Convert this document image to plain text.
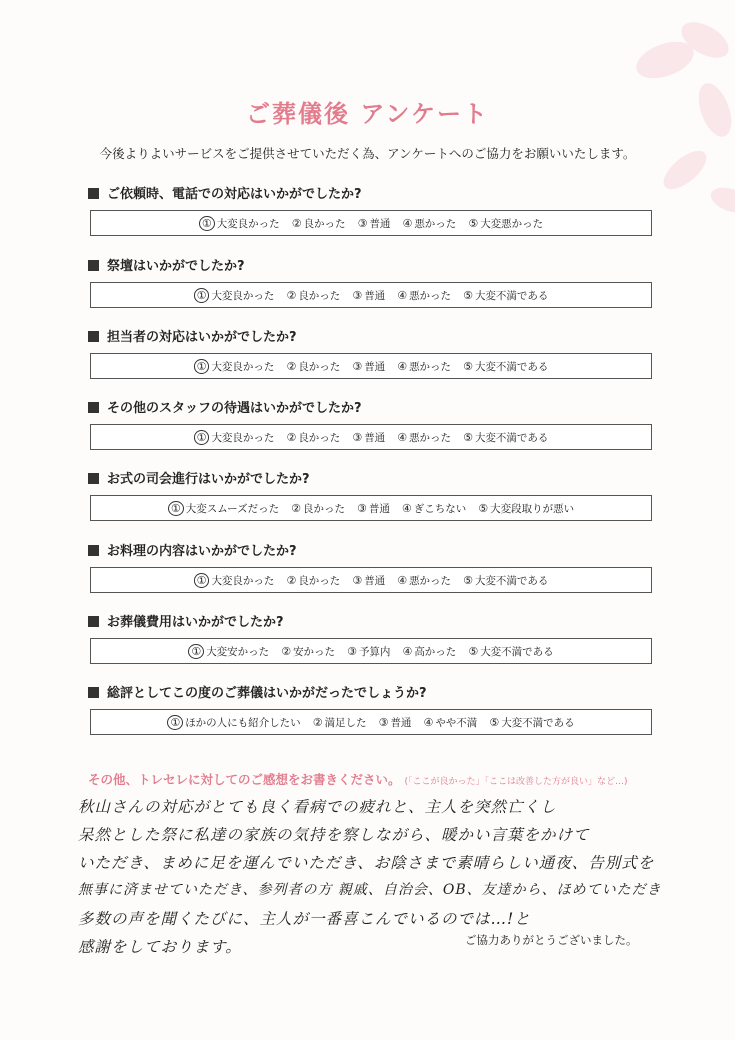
ご葬儀後 アンケート
今後よりよいサービスをご提供させていただく為、アンケートへのご協力をお願いいたします。
ご依頼時、電話での対応はいかがでしたか?
① 大変良かった ② 良かった ③ 普通 ④ 悪かった ⑤ 大変悪かった
祭壇はいかがでしたか?
① 大変良かった ② 良かった ③ 普通 ④ 悪かった ⑤ 大変不満である
担当者の対応はいかがでしたか?
① 大変良かった ② 良かった ③ 普通 ④ 悪かった ⑤ 大変不満である
その他のスタッフの待遇はいかがでしたか?
① 大変良かった ② 良かった ③ 普通 ④ 悪かった ⑤ 大変不満である
お式の司会進行はいかがでしたか?
① 大変スムーズだった ② 良かった ③ 普通 ④ ぎこちない ⑤ 大変段取りが悪い
お料理の内容はいかがでしたか?
① 大変良かった ② 良かった ③ 普通 ④ 悪かった ⑤ 大変不満である
お葬儀費用はいかがでしたか?
① 大変安かった ② 安かった ③ 予算内 ④ 高かった ⑤ 大変不満である
総評としてこの度のご葬儀はいかがだったでしょうか?
① ほかの人にも紹介したい ② 満足した ③ 普通 ④ やや不満 ⑤ 大変不満である
その他、トレセレに対してのご感想をお書きください。 (「ここが良かった」「ここは改善した方が良い」など…)
秋山さんの対応がとても良く看病での疲れと、主人を突然亡くし
呆然とした祭に私達の家族の気持を察しながら、暖かい言葉をかけて
いただき、まめに足を運んでいただき、お陰さまで素晴らしい通夜、告別式を
無事に済ませていただき、参列者の方 親戚、自治会、OB、友達から、ほめていただき
多数の声を聞くたびに、主人が一番喜こんでいるのでは…!と
感謝をしております。	ご協力ありがとうございました。
